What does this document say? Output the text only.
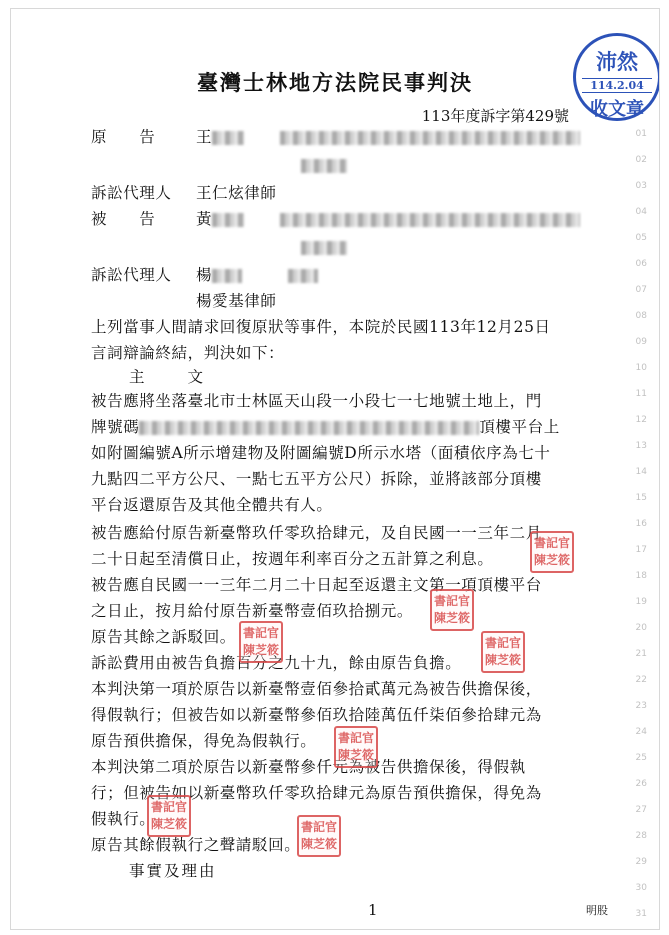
臺灣士林地方法院民事判決
113年度訴字第429號
沛然
114.2.04
收文章
原　　告	王
訴訟代理人 王仁炫律師
被　　告	黃
訴訟代理人 楊
楊愛基律師
上列當事人間請求回復原狀等事件，本院於民國113年12月25日
言詞辯論終結，判決如下：
主　　文
被告應將坐落臺北市士林區天山段一小段七一七地號土地上，門
牌號碼	頂樓平台上
如附圖編號A所示增建物及附圖編號D所示水塔（面積依序為七十
九點四二平方公尺、一點七五平方公尺）拆除，並將該部分頂樓
平台返還原告及其他全體共有人。
被告應給付原告新臺幣玖仟零玖拾肆元，及自民國一一三年二月
二十日起至清償日止，按週年利率百分之五計算之利息。
被告應自民國一一三年二月二十日起至返還主文第一項頂樓平台
之日止，按月給付原告新臺幣壹佰玖拾捌元。
原告其餘之訴駁回。
訴訟費用由被告負擔百分之九十九，餘由原告負擔。
本判決第一項於原告以新臺幣壹佰參拾貳萬元為被告供擔保後，
得假執行；但被告如以新臺幣參佰玖拾陸萬伍仟柒佰參拾肆元為
原告預供擔保，得免為假執行。
本判決第二項於原告以新臺幣參仟元為被告供擔保後，得假執
行；但被告如以新臺幣玖仟零玖拾肆元為原告預供擔保，得免為
假執行。
原告其餘假執行之聲請駁回。
事實及理由
書記官
陳芝筱
書記官
陳芝筱
書記官
陳芝筱	書記官
陳芝筱
書記官
陳芝筱
書記官
陳芝筱	書記官
陳芝筱
01
02
03
04
05
06
07
08
09
10
11
12
13
14
15
16
17
18
19
20
21
22
23
24
25
26
27
28
29
30
31
1	明股
